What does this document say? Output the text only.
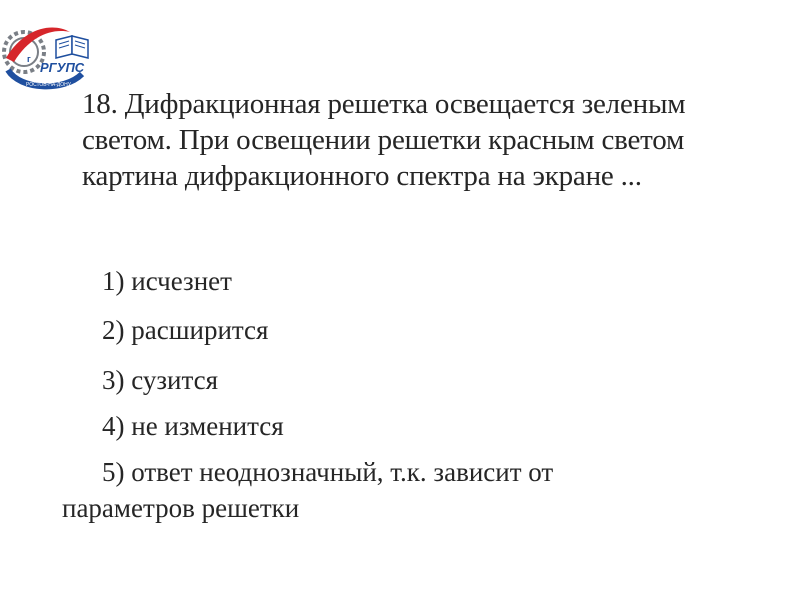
РГУПС
РОСТОВ-НА-ДОНУ
г
18. Дифракционная решетка освещается зеленым
светом. При освещении решетки красным светом
картина дифракционного спектра на экране ...
1) исчезнет
2) расширится
3) сузится
4) не изменится
5) ответ неоднозначный, т.к. зависит от
параметров решетки
